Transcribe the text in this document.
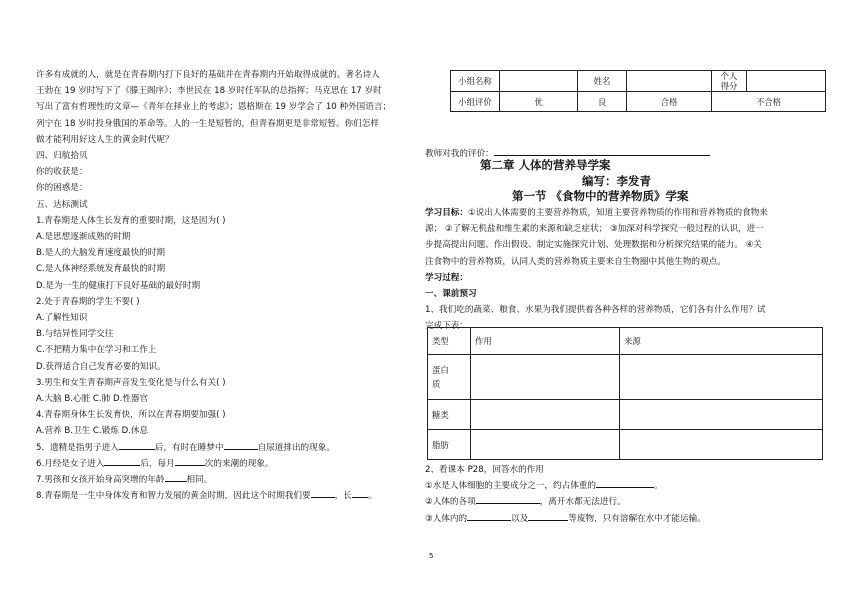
许多有成就的人，就是在青春期内打下良好的基础并在青春期内开始取得成就的。著名诗人
王勃在 19 岁时写下了《滕王阁序》；李世民在 18 岁时任军队的总指挥；马克思在 17 岁时
写出了富有哲理性的文章—《青年在择业上的考虑》；恩格斯在 19 岁学会了 10 种外国语言；
列宁在 18 岁时投身俄国的革命等。人的一生是短暂的，但青春期更是非常短暂。你们怎样
做才能利用好这人生的黄金时代呢？
四、归航拾贝
你的收获是：
你的困惑是：
五、达标测试
1.青春期是人体生长发育的重要时期，这是因为( )
A.是思想逐渐成熟的时期
B.是人的大脑发育速度最快的时期
C.是人体神经系统发育最快的时期
D.是为一生的健康打下良好基础的最好时期
2.处于青春期的学生不要( )
A.了解性知识
B.与结异性同学交往
C.不把精力集中在学习和工作上
D.获得适合自己发育必要的知识。
3.男生和女生青春期声音发生变化是与什么有关( )
A.大脑 B.心脏 C.肺 D.性器官
4.青春期身体生长发育快，所以在青春期要加强( )
A.营养 B.卫生 C.锻炼 D.休息
5．遗精是指男子进入	后，有时在睡梦中	自尿道排出的现象。
6.月经是女子进入	后，每月	次的来潮的现象。
7.男孩和女孩开始身高突增的年龄	相同。
8.青春期是一生中身体发育和智力发展的黄金时期，因此这个时期我们要	，长 。
小组名称		姓名		个人
得分	

小组评价	优	良	合格	不合格	
教师对我的评价：
第二章 人体的营养导学案
编写：李发青
第一节 《食物中的营养物质》学案
学习目标：①说出人体需要的主要营养物质，知道主要营养物质的作用和营养物质的食物来
源； ②了解无机盐和维生素的来源和缺乏症状； ③加深对科学探究一般过程的认识，进一
步提高提出问题、作出假设、制定实施探究计划、处理数据和分析探究结果的能力。 ④关
注食物中的营养物质，认同人类的营养物质主要来自生物圈中其他生物的观点。
学习过程：
一、课前预习
1、我们吃的蔬菜、粮食、水果为我们提供着各种各样的营养物质，它们各有什么作用？试
完成下表：
类型	作用	来源

蛋白
质		

糖类		
脂肪		
2、看课本 P28，回答水的作用
①水是人体细胞的主要成分之一，约占体重的	。
②人体的各项	，离开水都无法进行。
③人体内的	以及	等废物，只有溶解在水中才能运输。
5
